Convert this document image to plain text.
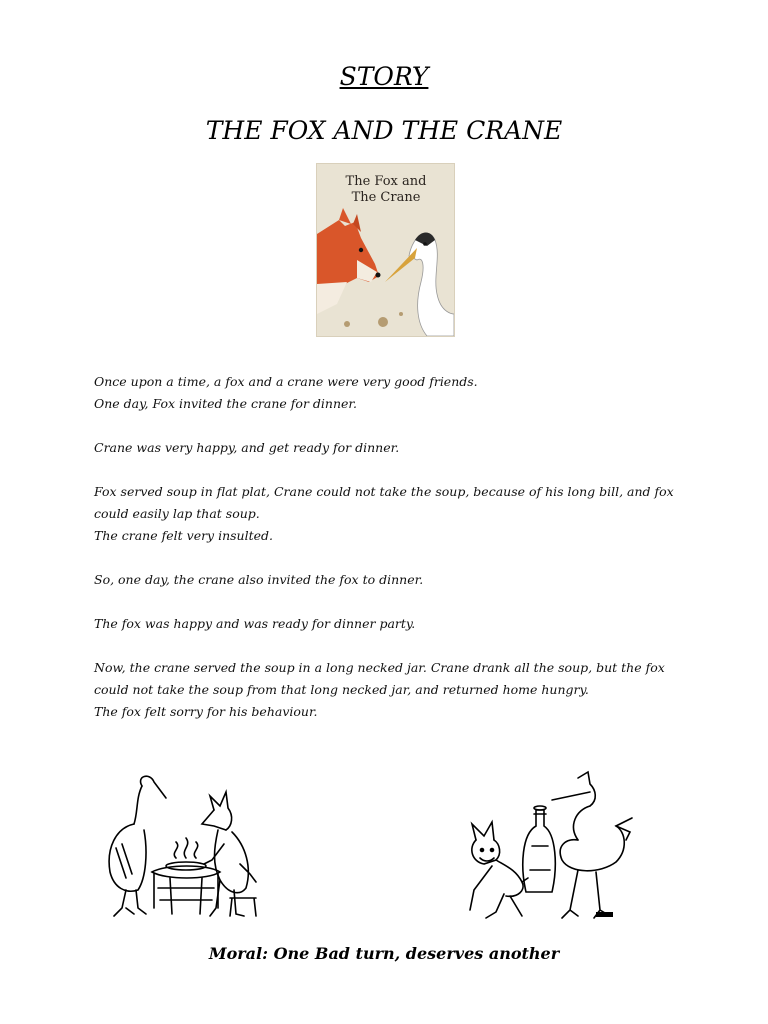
STORY
THE FOX AND THE CRANE
The Fox and
The Crane

Once upon a time, a fox and a crane were very good friends.

One day, Fox invited the crane for dinner.

Crane was very happy, and get ready for dinner.

Fox served soup in flat plat, Crane could not take the soup, because of his long bill, and fox

could easily lap that soup.

The crane felt very insulted.

So, one day, the crane also invited the fox to dinner.

The fox was happy and was ready for dinner party.

Now, the crane served the soup in a long necked jar. Crane drank all the soup, but the fox

could not take the soup from that long necked jar, and returned home hungry.

The fox felt sorry for his behaviour.

Moral: One Bad turn, deserves another
